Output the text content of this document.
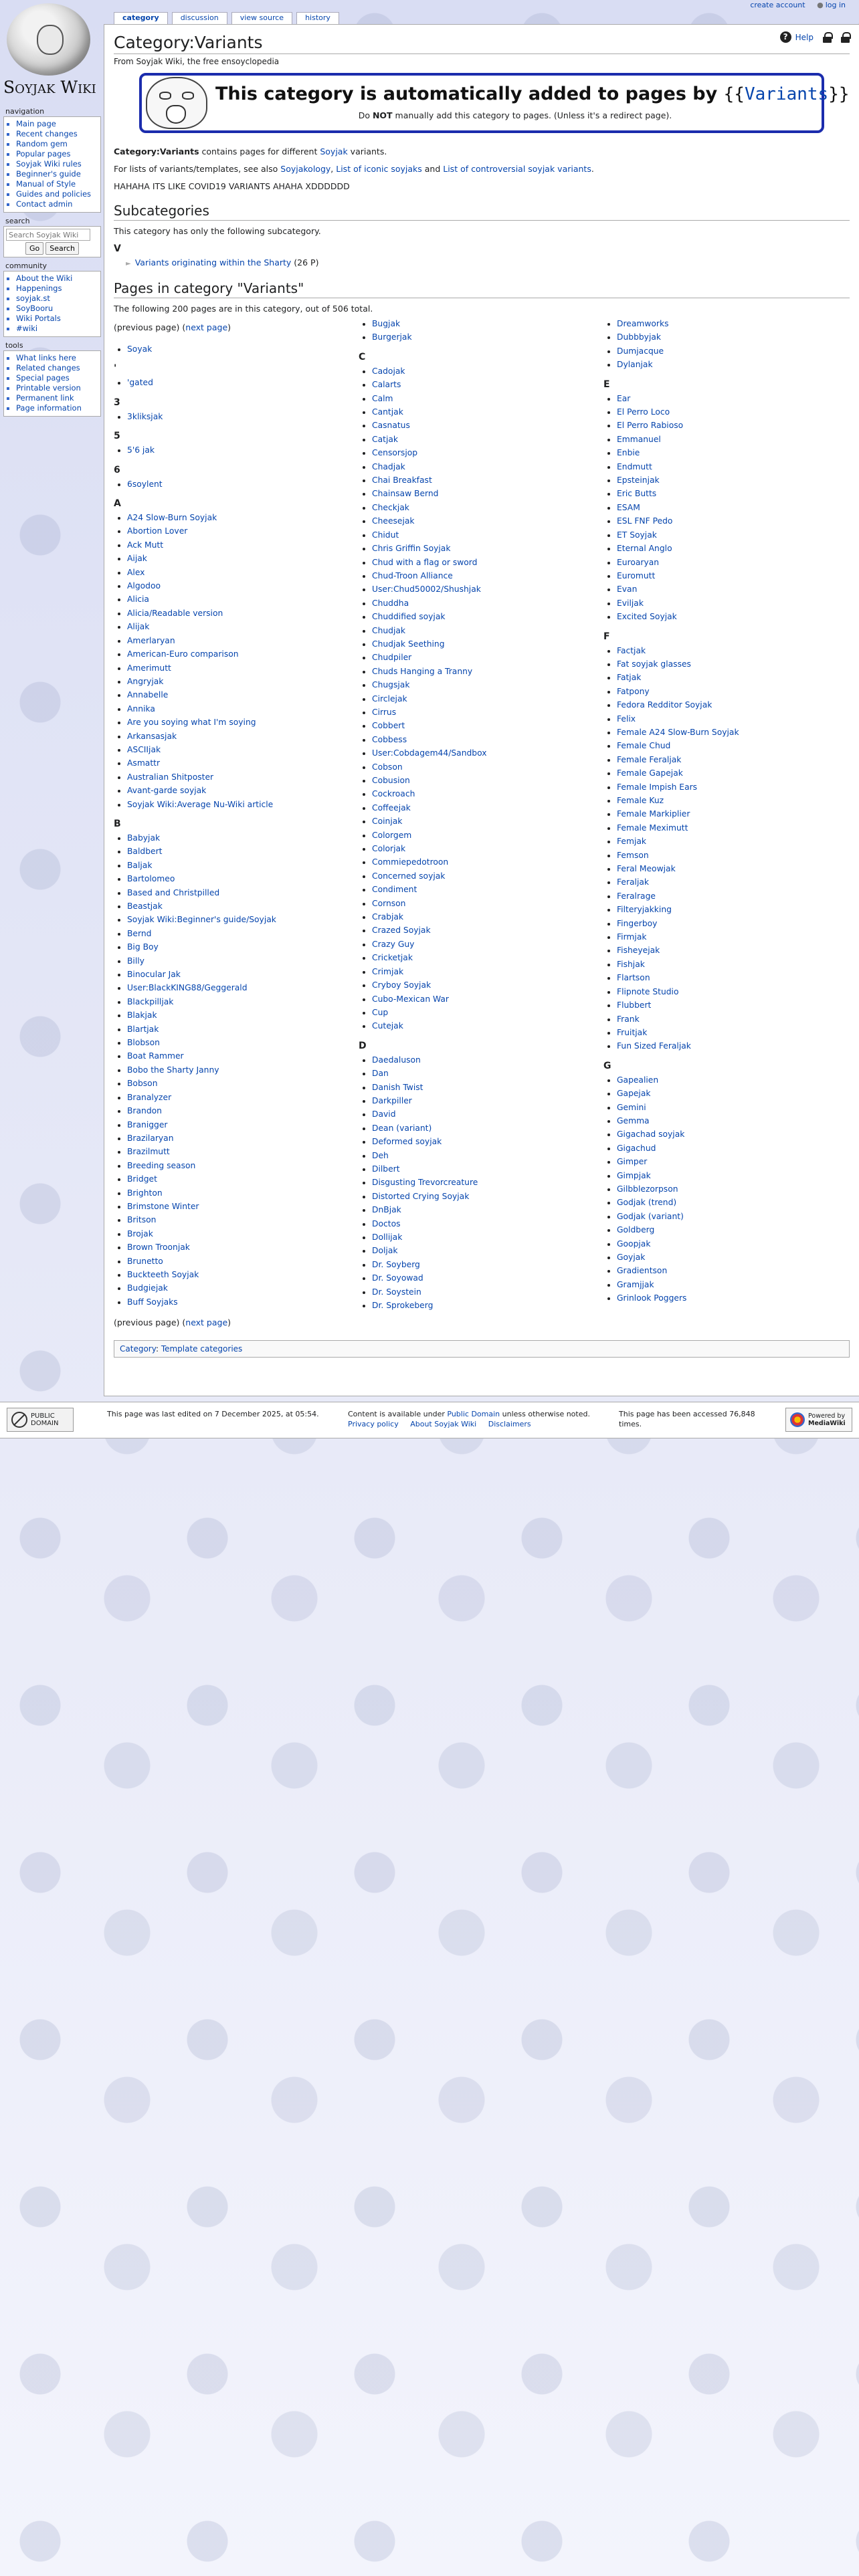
Soyjak Wiki
create account ● log in
category	discussion	view source	history
navigation
▪ Main page
▪ Recent changes
▪ Random gem
▪ Popular pages
▪ Soyjak Wiki rules
▪ Beginner's guide
▪ Manual of Style
▪ Guides and policies
▪ Contact admin
search
Search Soyjak Wiki
Go	Search
community
▪ About the Wiki
▪ Happenings
▪ soyjak.st
▪ SoyBooru
▪ Wiki Portals
▪ #wiki
tools
▪ What links here
▪ Related changes
▪ Special pages
▪ Printable version
▪ Permanent link
▪ Page information
? Help
Category:Variants
From Soyjak Wiki, the free ensoyclopedia
This category is automatically added to pages by {{Variants}}
Do NOT manually add this category to pages. (Unless it's a redirect page).

Category:Variants contains pages for different Soyjak variants.

For lists of variants/templates, see also Soyjakology, List of iconic soyjaks and List of controversial soyjak variants.

HAHAHA ITS LIKE COVID19 VARIANTS AHAHA XDDDDDD

Subcategories

This category has only the following subcategory.

V
► Variants originating within the Sharty (26 P)
Pages in category "Variants"

The following 200 pages are in this category, out of 506 total.

(previous page) (next page)
• Soyak
'
• 'gated
3
• 3kliksjak
5
• 5'6 jak
6
• 6soylent
A
• A24 Slow-Burn Soyjak
• Abortion Lover
• Ack Mutt
• Aijak
• Alex
• Algodoo
• Alicia
• Alicia/Readable version
• Alijak
• Amerlaryan
• American-Euro comparison
• Amerimutt
• Angryjak
• Annabelle
• Annika
• Are you soying what I'm soying
• Arkansasjak
• ASCIIjak
• Asmattr
• Australian Shitposter
• Avant-garde soyjak
• Soyjak Wiki:Average Nu-Wiki article
B
• Babyjak
• Baldbert
• Baljak
• Bartolomeo
• Based and Christpilled
• Beastjak
• Soyjak Wiki:Beginner's guide/Soyjak
• Bernd
• Big Boy
• Billy
• Binocular Jak
• User:BlackKING88/Geggerald
• Blackpilljak
• Blakjak
• Blartjak
• Blobson
• Boat Rammer
• Bobo the Sharty Janny
• Bobson
• Branalyzer
• Brandon
• Branigger
• Brazilaryan
• Brazilmutt
• Breeding season
• Bridget
• Brighton
• Brimstone Winter
• Britson
• Brojak
• Brown Troonjak
• Brunetto
• Buckteeth Soyjak
• Budgiejak
• Buff Soyjaks
• Bugjak
• Burgerjak
C
• Cadojak
• Calarts
• Calm
• Cantjak
• Casnatus
• Catjak
• Censorsjop
• Chadjak
• Chai Breakfast
• Chainsaw Bernd
• Checkjak
• Cheesejak
• Chidut
• Chris Griffin Soyjak
• Chud with a flag or sword
• Chud-Troon Alliance
• User:Chud50002/Shushjak
• Chuddha
• Chuddified soyjak
• Chudjak
• Chudjak Seething
• Chudpiler
• Chuds Hanging a Tranny
• Chugsjak
• Circlejak
• Cirrus
• Cobbert
• Cobbess
• User:Cobdagem44/Sandbox
• Cobson
• Cobusion
• Cockroach
• Coffeejak
• Coinjak
• Colorgem
• Colorjak
• Commiepedotroon
• Concerned soyjak
• Condiment
• Cornson
• Crabjak
• Crazed Soyjak
• Crazy Guy
• Cricketjak
• Crimjak
• Cryboy Soyjak
• Cubo-Mexican War
• Cup
• Cutejak
D
• Daedaluson
• Dan
• Danish Twist
• Darkpiller
• David
• Dean (variant)
• Deformed soyjak
• Deh
• Dilbert
• Disgusting Trevorcreature
• Distorted Crying Soyjak
• DnBjak
• Doctos
• Dollijak
• Doljak
• Dr. Soyberg
• Dr. Soyowad
• Dr. Soystein
• Dr. Sprokeberg
• Dreamworks
• Dubbbyjak
• Dumjacque
• Dylanjak
E
• Ear
• El Perro Loco
• El Perro Rabioso
• Emmanuel
• Enbie
• Endmutt
• Epsteinjak
• Eric Butts
• ESAM
• ESL FNF Pedo
• ET Soyjak
• Eternal Anglo
• Euroaryan
• Euromutt
• Evan
• Eviljak
• Excited Soyjak
F
• Factjak
• Fat soyjak glasses
• Fatjak
• Fatpony
• Fedora Redditor Soyjak
• Felix
• Female A24 Slow-Burn Soyjak
• Female Chud
• Female Feraljak
• Female Gapejak
• Female Impish Ears
• Female Kuz
• Female Markiplier
• Female Meximutt
• Femjak
• Femson
• Feral Meowjak
• Feraljak
• Feralrage
• Filteryjakking
• Fingerboy
• Firmjak
• Fisheyejak
• Fishjak
• Flartson
• Flipnote Studio
• Flubbert
• Frank
• Fruitjak
• Fun Sized Feraljak
G
• Gapealien
• Gapejak
• Gemini
• Gemma
• Gigachad soyjak
• Gigachud
• Gimper
• Gimpjak
• Gilbblezorpson
• Godjak (trend)
• Godjak (variant)
• Goldberg
• Goopjak
• Goyjak
• Gradientson
• Gramjjak
• Grinlook Poggers
(previous page) (next page)
Category: Template categories
PUBLIC
DOMAIN
This page was last edited on 7 December 2025, at 05:54.	Content is available under Public Domain unless otherwise noted.
Privacy policy About Soyjak Wiki Disclaimers
This page has been accessed 76,848 times.
Powered by
MediaWiki
